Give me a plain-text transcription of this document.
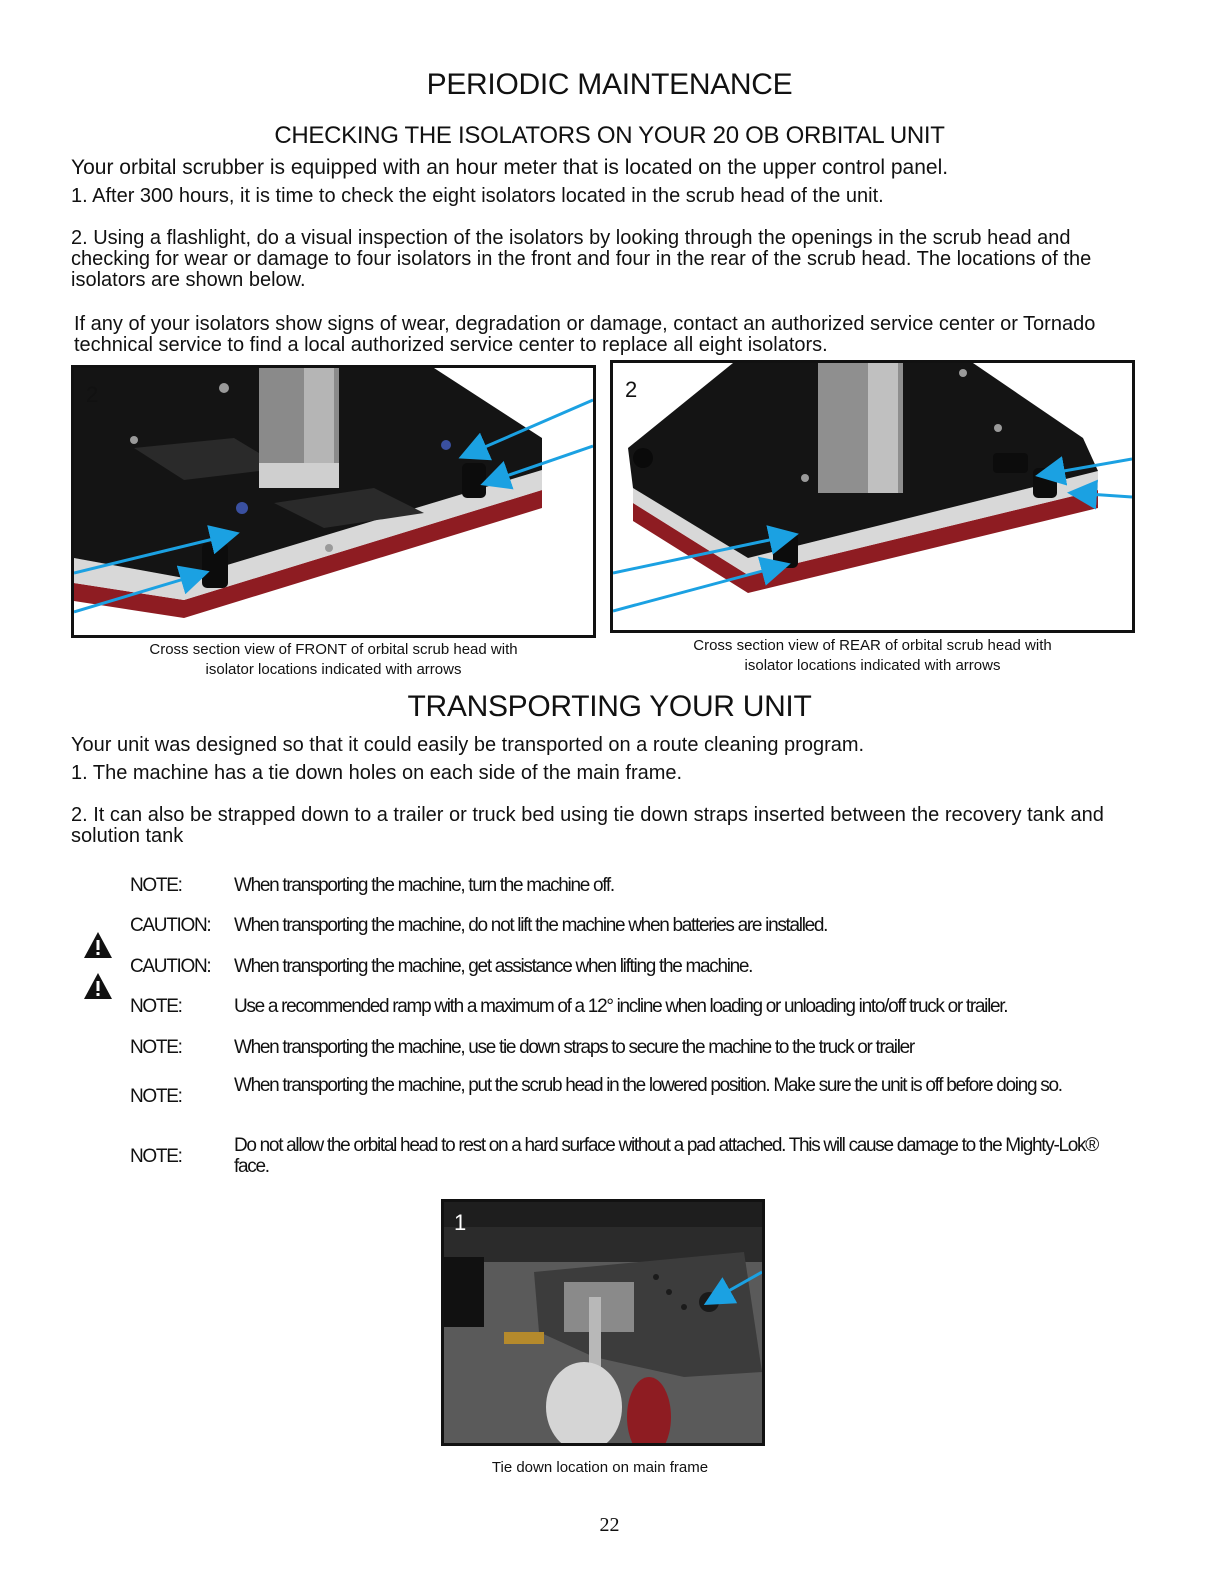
PERIODIC MAINTENANCE
CHECKING THE ISOLATORS ON YOUR 20 OB ORBITAL UNIT
Your orbital scrubber is equipped with an hour meter that is located on the upper control panel.
1. After 300 hours, it is time to check the eight isolators located in the scrub head of the unit.
2. Using a flashlight, do a visual inspection of the isolators by looking through the openings in the scrub head and checking for wear or damage to four isolators in the front and four in the rear of the scrub head. The locations of the isolators are shown below.
If any of your isolators show signs of wear, degradation or damage, contact an authorized service center or Tornado technical service to find a local authorized service center to replace all eight isolators.
2
Cross section view of FRONT of orbital scrub head with
isolator locations indicated with arrows
2
Cross section view of REAR of orbital scrub head with
isolator locations indicated with arrows
TRANSPORTING YOUR UNIT
Your unit was designed so that it could easily be transported on a route cleaning program.
1. The machine has a tie down holes on each side of the main frame.
2. It can also be strapped down to a trailer or truck bed using tie down straps inserted between the recovery tank and solution tank
NOTE:	When transporting the machine, turn the machine off.
CAUTION:	When transporting the machine, do not lift the machine when batteries are installed.
CAUTION:	When transporting the machine, get assistance when lifting the machine.
NOTE:	Use a recommended ramp with a maximum of a 12° incline when loading or unloading into/off truck or trailer.
NOTE:	When transporting the machine, use tie down straps to secure the machine to the truck or trailer
NOTE:
When transporting the machine, put the scrub head in the lowered position. Make sure the unit is off before doing so.
NOTE:
Do not allow the orbital head to rest on a hard surface without a pad attached. This will cause damage to the Mighty-Lok® face.
1
Tie down location on main frame
22
